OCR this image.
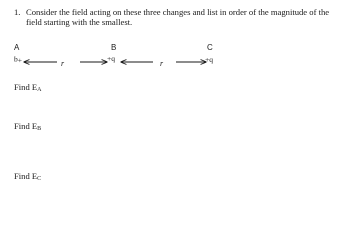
1. Consider the field acting on these three changes and list in order of the magnitude of the
field starting with the smallest.
A	B	C
+q	+q	+q
r	r
Find EA
Find EB
Find EC
